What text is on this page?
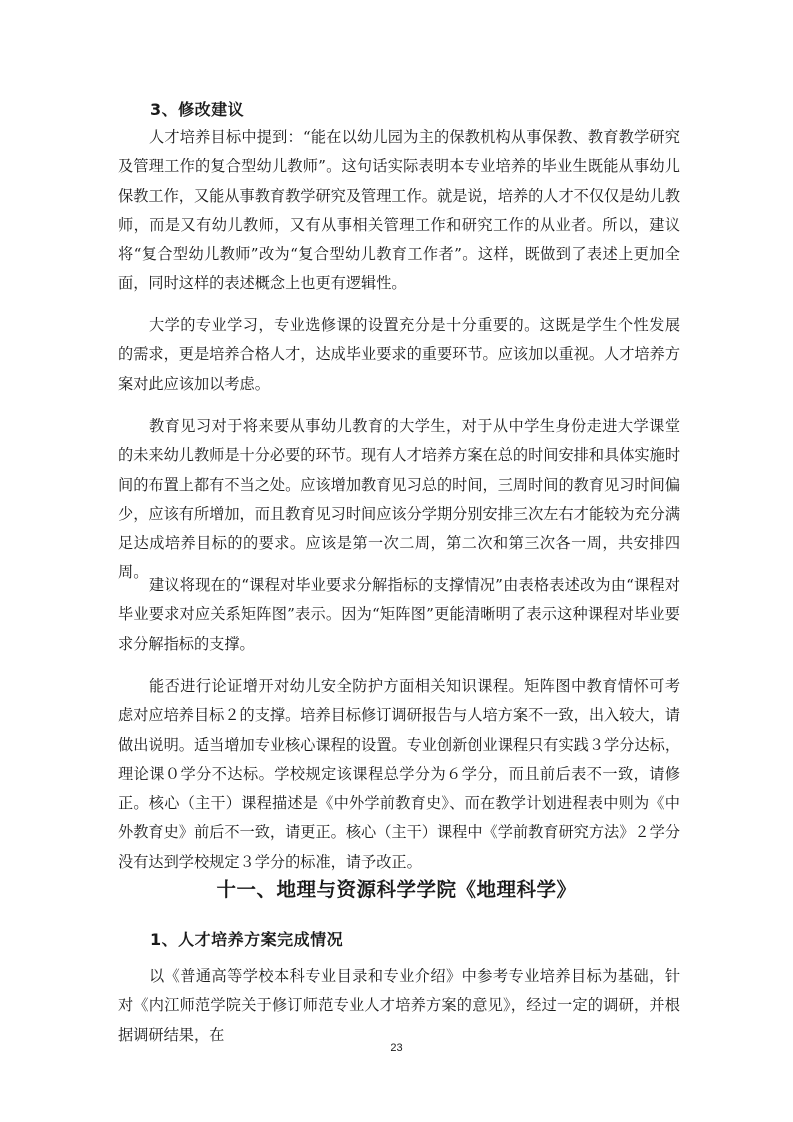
3、修改建议

人才培养目标中提到：“能在以幼儿园为主的保教机构从事保教、教育教学研究及管理工作的复合型幼儿教师”。这句话实际表明本专业培养的毕业生既能从事幼儿保教工作，又能从事教育教学研究及管理工作。就是说，培养的人才不仅仅是幼儿教师，而是又有幼儿教师，又有从事相关管理工作和研究工作的从业者。所以，建议将“复合型幼儿教师”改为“复合型幼儿教育工作者”。这样，既做到了表述上更加全面，同时这样的表述概念上也更有逻辑性。

大学的专业学习，专业选修课的设置充分是十分重要的。这既是学生个性发展的需求，更是培养合格人才，达成毕业要求的重要环节。应该加以重视。人才培养方案对此应该加以考虑。

教育见习对于将来要从事幼儿教育的大学生，对于从中学生身份走进大学课堂的未来幼儿教师是十分必要的环节。现有人才培养方案在总的时间安排和具体实施时间的布置上都有不当之处。应该增加教育见习总的时间，三周时间的教育见习时间偏少，应该有所增加，而且教育见习时间应该分学期分别安排三次左右才能较为充分满足达成培养目标的的要求。应该是第一次二周，第二次和第三次各一周，共安排四周。

建议将现在的“课程对毕业要求分解指标的支撑情况”由表格表述改为由“课程对毕业要求对应关系矩阵图”表示。因为“矩阵图”更能清晰明了表示这种课程对毕业要求分解指标的支撑。

能否进行论证增开对幼儿安全防护方面相关知识课程。矩阵图中教育情怀可考虑对应培养目标２的支撑。培养目标修订调研报告与人培方案不一致，出入较大，请做出说明。适当增加专业核心课程的设置。专业创新创业课程只有实践３学分达标，理论课０学分不达标。学校规定该课程总学分为６学分，而且前后表不一致，请修正。核心（主干）课程描述是《中外学前教育史》、而在教学计划进程表中则为《中外教育史》前后不一致，请更正。核心（主干）课程中《学前教育研究方法》２学分没有达到学校规定３学分的标准，请予改正。

十一、地理与资源科学学院《地理科学》
1、人才培养方案完成情况

以《普通高等学校本科专业目录和专业介绍》中参考专业培养目标为基础，针对《内江师范学院关于修订师范专业人才培养方案的意见》，经过一定的调研，并根据调研结果，在

23
